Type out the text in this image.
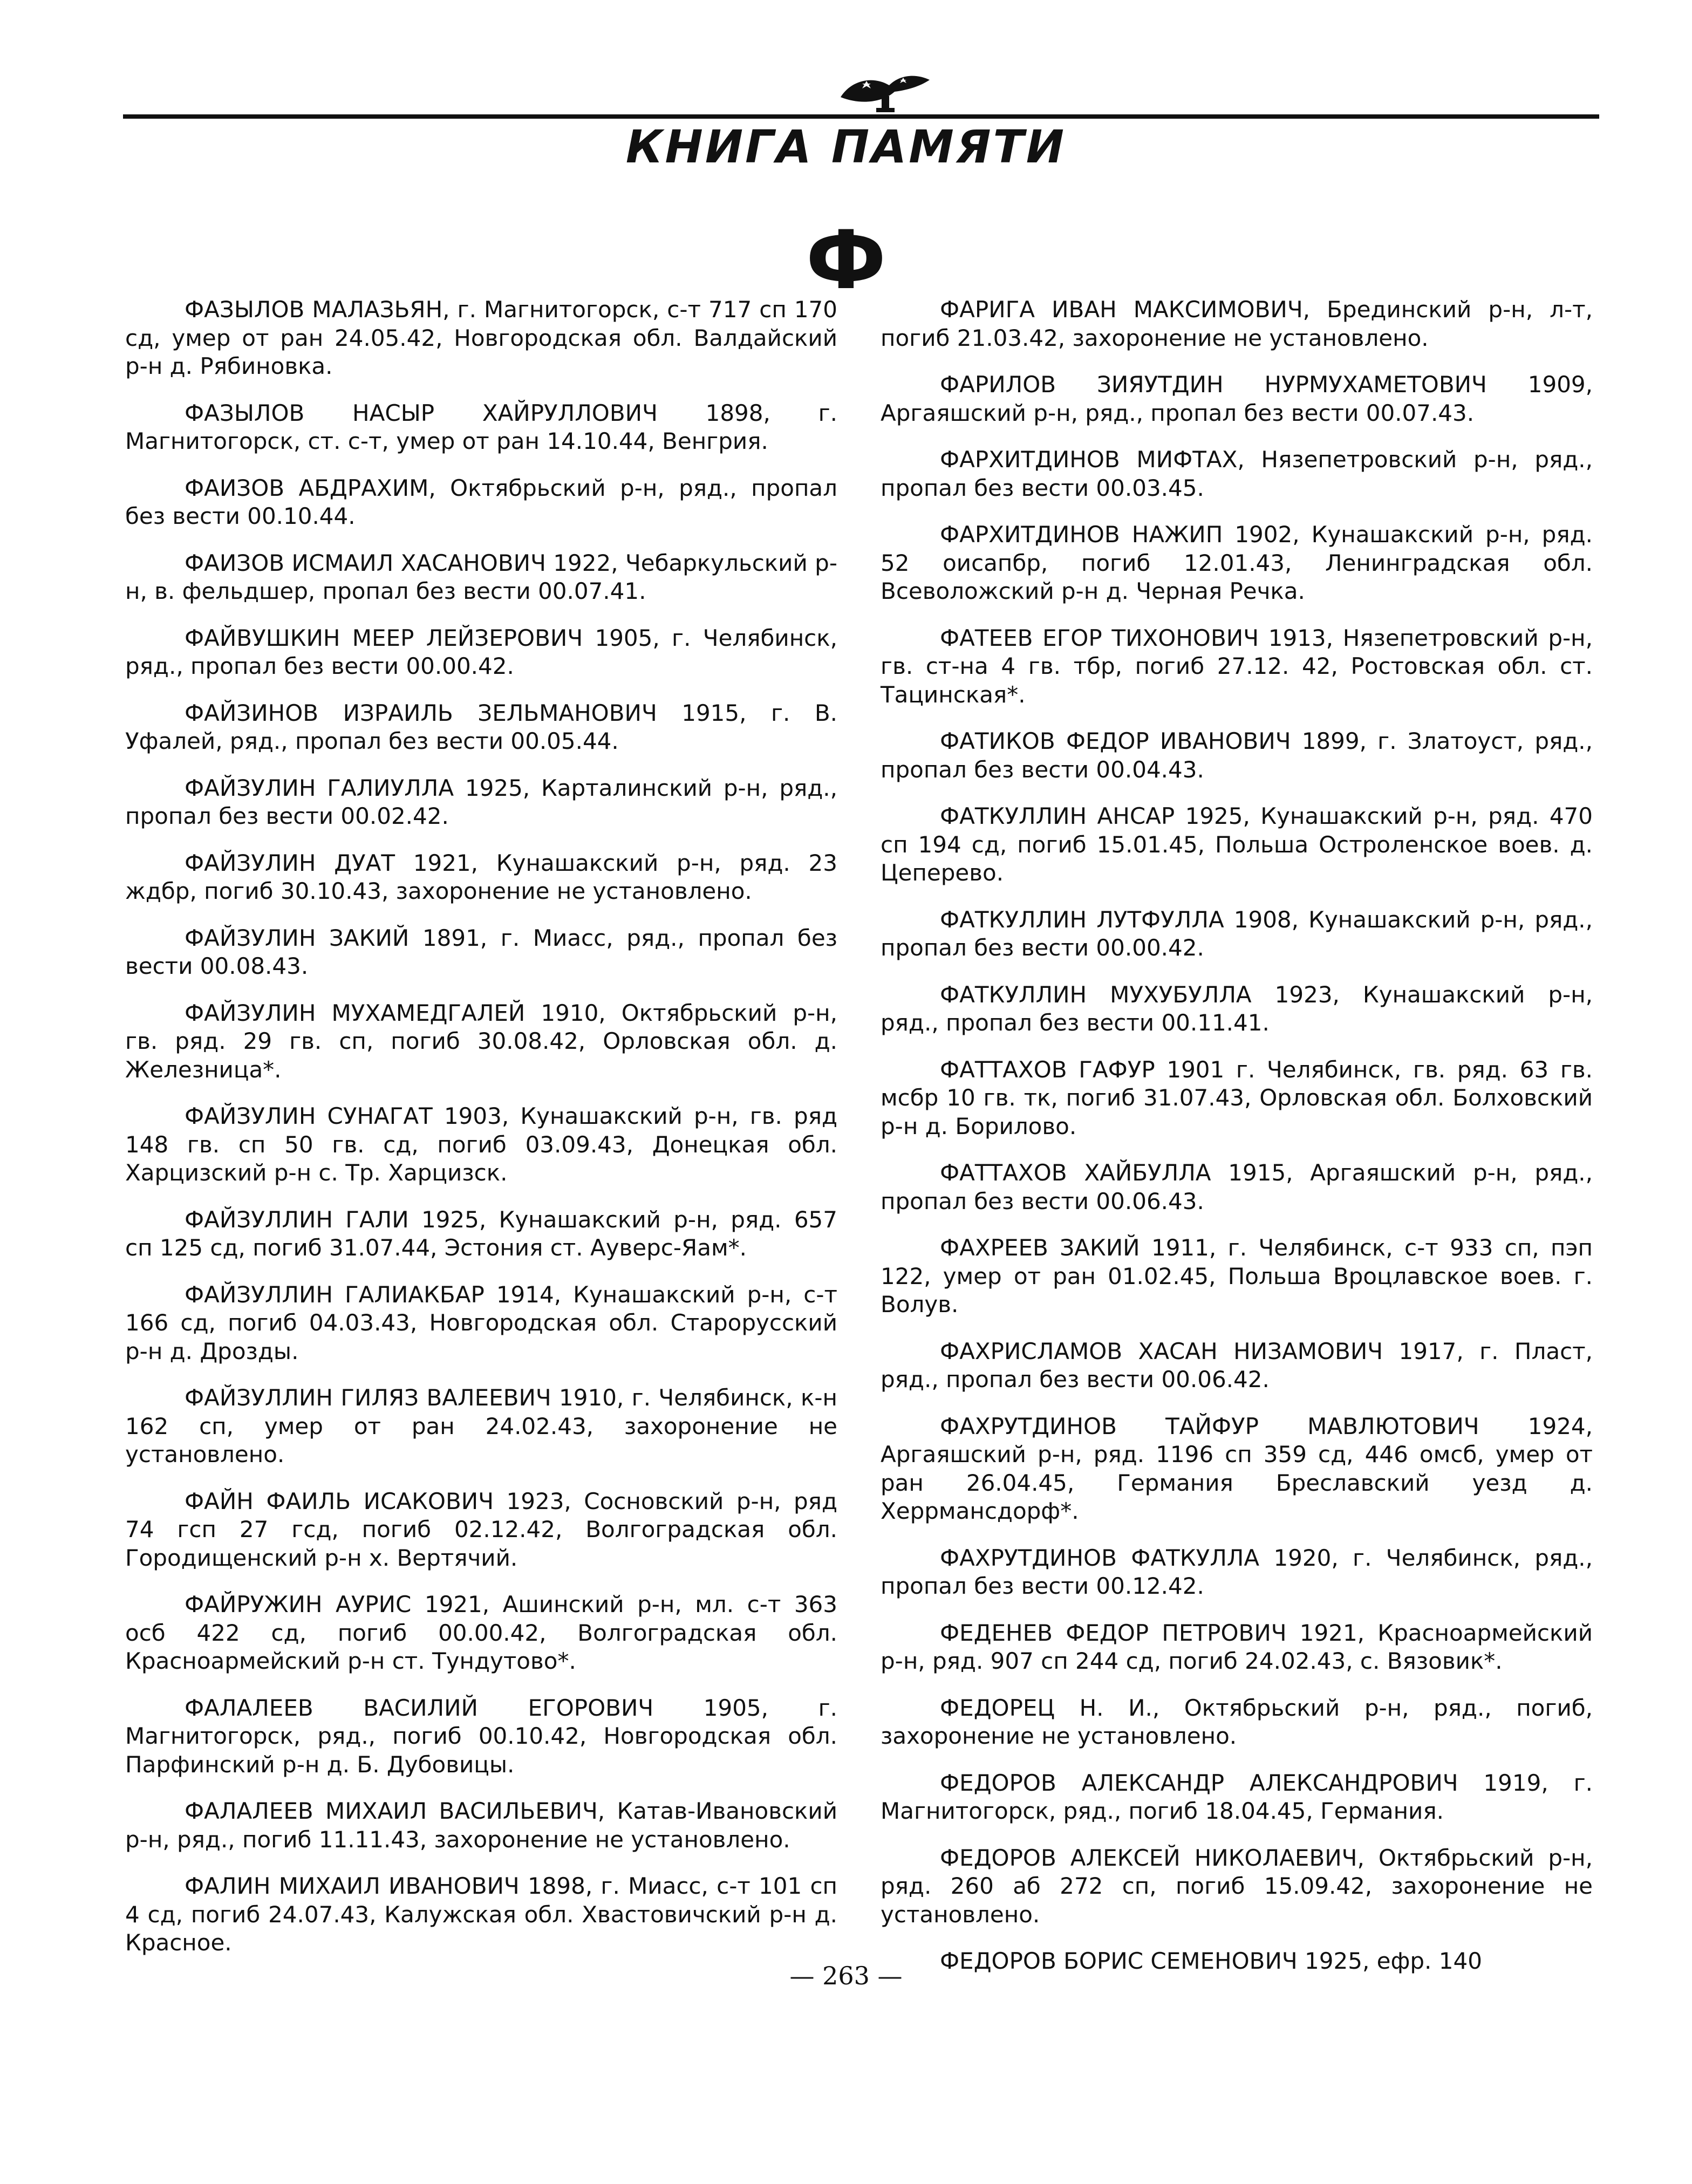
КНИГА ПАМЯТИ
Ф

ФАЗЫЛОВ МАЛАЗЬЯН, г. Магнитогорск, с-т 717 сп 170 сд, умер от ран 24.05.42, Новгородская обл. Валдайский р-н д. Рябиновка.

ФАЗЫЛОВ НАСЫР ХАЙРУЛЛОВИЧ 1898, г. Магнитогорск, ст. с-т, умер от ран 14.10.44, Венгрия.

ФАИЗОВ АБДРАХИМ, Октябрьский р-н, ряд., пропал без вести 00.10.44.

ФАИЗОВ ИСМАИЛ ХАСАНОВИЧ 1922, Чебаркульский р-н, в. фельдшер, пропал без вести 00.07.41.

ФАЙВУШКИН МЕЕР ЛЕЙЗЕРОВИЧ 1905, г. Челябинск, ряд., пропал без вести 00.00.42.

ФАЙЗИНОВ ИЗРАИЛЬ ЗЕЛЬМАНОВИЧ 1915, г. В. Уфалей, ряд., пропал без вести 00.05.44.

ФАЙЗУЛИН ГАЛИУЛЛА 1925, Карталинский р-н, ряд., пропал без вести 00.02.42.

ФАЙЗУЛИН ДУАТ 1921, Кунашакский р-н, ряд. 23 ждбр, погиб 30.10.43, захоронение не установлено.

ФАЙЗУЛИН ЗАКИЙ 1891, г. Миасс, ряд., пропал без вести 00.08.43.

ФАЙЗУЛИН МУХАМЕДГАЛЕЙ 1910, Октябрьский р-н, гв. ряд. 29 гв. сп, погиб 30.08.42, Орловская обл. д. Железница*.

ФАЙЗУЛИН СУНАГАТ 1903, Кунашакский р-н, гв. ряд 148 гв. сп 50 гв. сд, погиб 03.09.43, Донецкая обл. Харцизский р-н с. Тр. Харцизск.

ФАЙЗУЛЛИН ГАЛИ 1925, Кунашакский р-н, ряд. 657 сп 125 сд, погиб 31.07.44, Эстония ст. Ауверс-Яам*.

ФАЙЗУЛЛИН ГАЛИАКБАР 1914, Кунашакский р-н, с-т 166 сд, погиб 04.03.43, Новгородская обл. Старорусский р-н д. Дрозды.

ФАЙЗУЛЛИН ГИЛЯЗ ВАЛЕЕВИЧ 1910, г. Челябинск, к-н 162 сп, умер от ран 24.02.43, захоронение не установлено.

ФАЙН ФАИЛЬ ИСАКОВИЧ 1923, Сосновский р-н, ряд 74 гсп 27 гсд, погиб 02.12.42, Волгоградская обл. Городищенский р-н х. Вертячий.

ФАЙРУЖИН АУРИС 1921, Ашинский р-н, мл. с-т 363 осб 422 сд, погиб 00.00.42, Волгоградская обл. Красноармейский р-н ст. Тундутово*.

ФАЛАЛЕЕВ ВАСИЛИЙ ЕГОРОВИЧ 1905, г. Магнитогорск, ряд., погиб 00.10.42, Новгородская обл. Парфинский р-н д. Б. Дубовицы.

ФАЛАЛЕЕВ МИХАИЛ ВАСИЛЬЕВИЧ, Катав-Ивановский р-н, ряд., погиб 11.11.43, захоронение не установлено.

ФАЛИН МИХАИЛ ИВАНОВИЧ 1898, г. Миасс, с-т 101 сп 4 сд, погиб 24.07.43, Калужская обл. Хвастовичский р-н д. Красное.

ФАРИГА ИВАН МАКСИМОВИЧ, Брединский р-н, л-т, погиб 21.03.42, захоронение не установлено.

ФАРИЛОВ ЗИЯУТДИН НУРМУХАМЕТОВИЧ 1909, Аргаяшский р-н, ряд., пропал без вести 00.07.43.

ФАРХИТДИНОВ МИФТАХ, Нязепетровский р-н, ряд., пропал без вести 00.03.45.

ФАРХИТДИНОВ НАЖИП 1902, Кунашакский р-н, ряд. 52 оисапбр, погиб 12.01.43, Ленинградская обл. Всеволожский р-н д. Черная Речка.

ФАТЕЕВ ЕГОР ТИХОНОВИЧ 1913, Нязепетровский р-н, гв. ст-на 4 гв. тбр, погиб 27.12. 42, Ростовская обл. ст. Тацинская*.

ФАТИКОВ ФЕДОР ИВАНОВИЧ 1899, г. Златоуст, ряд., пропал без вести 00.04.43.

ФАТКУЛЛИН АНСАР 1925, Кунашакский р-н, ряд. 470 сп 194 сд, погиб 15.01.45, Польша Остроленское воев. д. Цеперево.

ФАТКУЛЛИН ЛУТФУЛЛА 1908, Кунашакский р-н, ряд., пропал без вести 00.00.42.

ФАТКУЛЛИН МУХУБУЛЛА 1923, Кунашакский р-н, ряд., пропал без вести 00.11.41.

ФАТТАХОВ ГАФУР 1901 г. Челябинск, гв. ряд. 63 гв. мсбр 10 гв. тк, погиб 31.07.43, Орловская обл. Болховский р-н д. Борилово.

ФАТТАХОВ ХАЙБУЛЛА 1915, Аргаяшский р-н, ряд., пропал без вести 00.06.43.

ФАХРЕЕВ ЗАКИЙ 1911, г. Челябинск, с-т 933 сп, пэп 122, умер от ран 01.02.45, Польша Вроцлавское воев. г. Волув.

ФАХРИСЛАМОВ ХАСАН НИЗАМОВИЧ 1917, г. Пласт, ряд., пропал без вести 00.06.42.

ФАХРУТДИНОВ ТАЙФУР МАВЛЮТОВИЧ 1924, Аргаяшский р-н, ряд. 1196 сп 359 сд, 446 омсб, умер от ран 26.04.45, Германия Бреславский уезд д. Херрмансдорф*.

ФАХРУТДИНОВ ФАТКУЛЛА 1920, г. Челябинск, ряд., пропал без вести 00.12.42.

ФЕДЕНЕВ ФЕДОР ПЕТРОВИЧ 1921, Красноармейский р-н, ряд. 907 сп 244 сд, погиб 24.02.43, с. Вязовик*.

ФЕДОРЕЦ Н. И., Октябрьский р-н, ряд., погиб, захоронение не установлено.

ФЕДОРОВ АЛЕКСАНДР АЛЕКСАНДРОВИЧ 1919, г. Магнитогорск, ряд., погиб 18.04.45, Германия.

ФЕДОРОВ АЛЕКСЕЙ НИКОЛАЕВИЧ, Октябрьский р-н, ряд. 260 аб 272 сп, погиб 15.09.42, захоронение не установлено.

ФЕДОРОВ БОРИС СЕМЕНОВИЧ 1925, ефр. 140

— 263 —
